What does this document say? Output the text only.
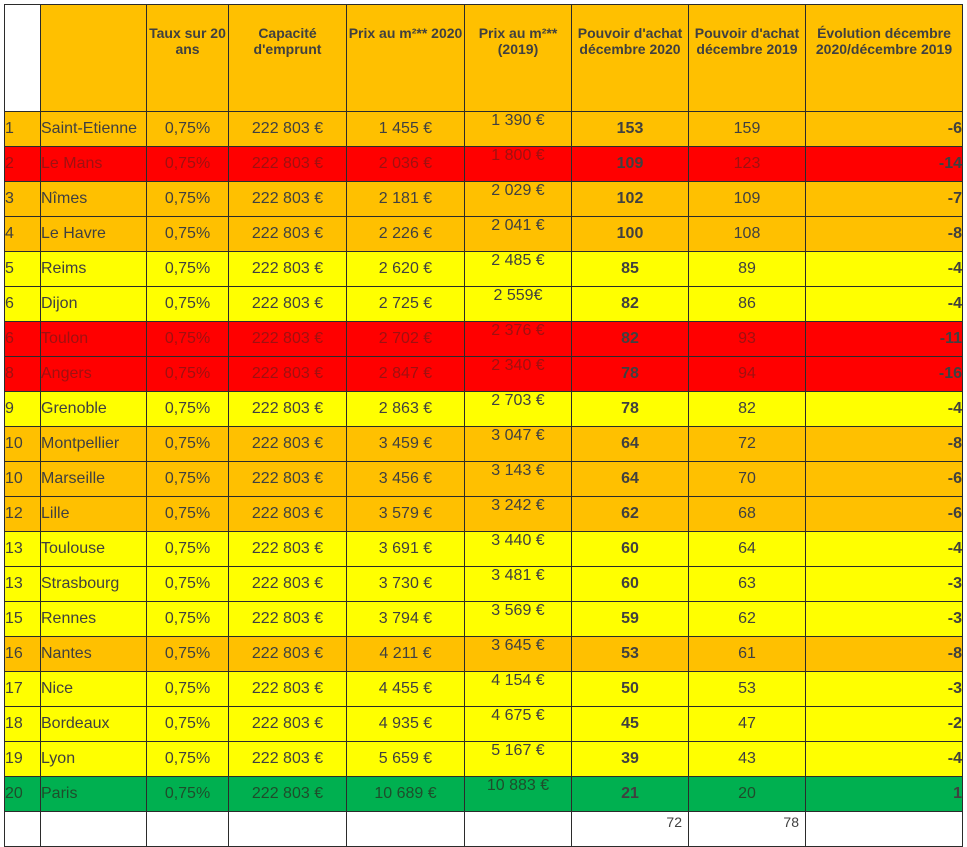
		Taux sur 20 ans	Capacité d'emprunt	Prix au m²** 2020	Prix au m²** (2019)	Pouvoir d'achat décembre 2020	Pouvoir d'achat décembre 2019	Évolution décembre 2020/décembre 2019
1	Saint-Etienne	0,75%	222 803 €	1 455 €	1 390 €	153	159	-6
2	Le Mans	0,75%	222 803 €	2 036 €	1 800 €	109	123	-14
3	Nîmes	0,75%	222 803 €	2 181 €	2 029 €	102	109	-7
4	Le Havre	0,75%	222 803 €	2 226 €	2 041 €	100	108	-8
5	Reims	0,75%	222 803 €	2 620 €	2 485 €	85	89	-4
6	Dijon	0,75%	222 803 €	2 725 €	2 559€	82	86	-4
6	Toulon	0,75%	222 803 €	2 702 €	2 376 €	82	93	-11
8	Angers	0,75%	222 803 €	2 847 €	2 340 €	78	94	-16
9	Grenoble	0,75%	222 803 €	2 863 €	2 703 €	78	82	-4
10	Montpellier	0,75%	222 803 €	3 459 €	3 047 €	64	72	-8
10	Marseille	0,75%	222 803 €	3 456 €	3 143 €	64	70	-6
12	Lille	0,75%	222 803 €	3 579 €	3 242 €	62	68	-6
13	Toulouse	0,75%	222 803 €	3 691 €	3 440 €	60	64	-4
13	Strasbourg	0,75%	222 803 €	3 730 €	3 481 €	60	63	-3
15	Rennes	0,75%	222 803 €	3 794 €	3 569 €	59	62	-3
16	Nantes	0,75%	222 803 €	4 211 €	3 645 €	53	61	-8
17	Nice	0,75%	222 803 €	4 455 €	4 154 €	50	53	-3
18	Bordeaux	0,75%	222 803 €	4 935 €	4 675 €	45	47	-2
19	Lyon	0,75%	222 803 €	5 659 €	5 167 €	39	43	-4
20	Paris	0,75%	222 803 €	10 689 €	10 883 €	21	20	1
						72	78	
